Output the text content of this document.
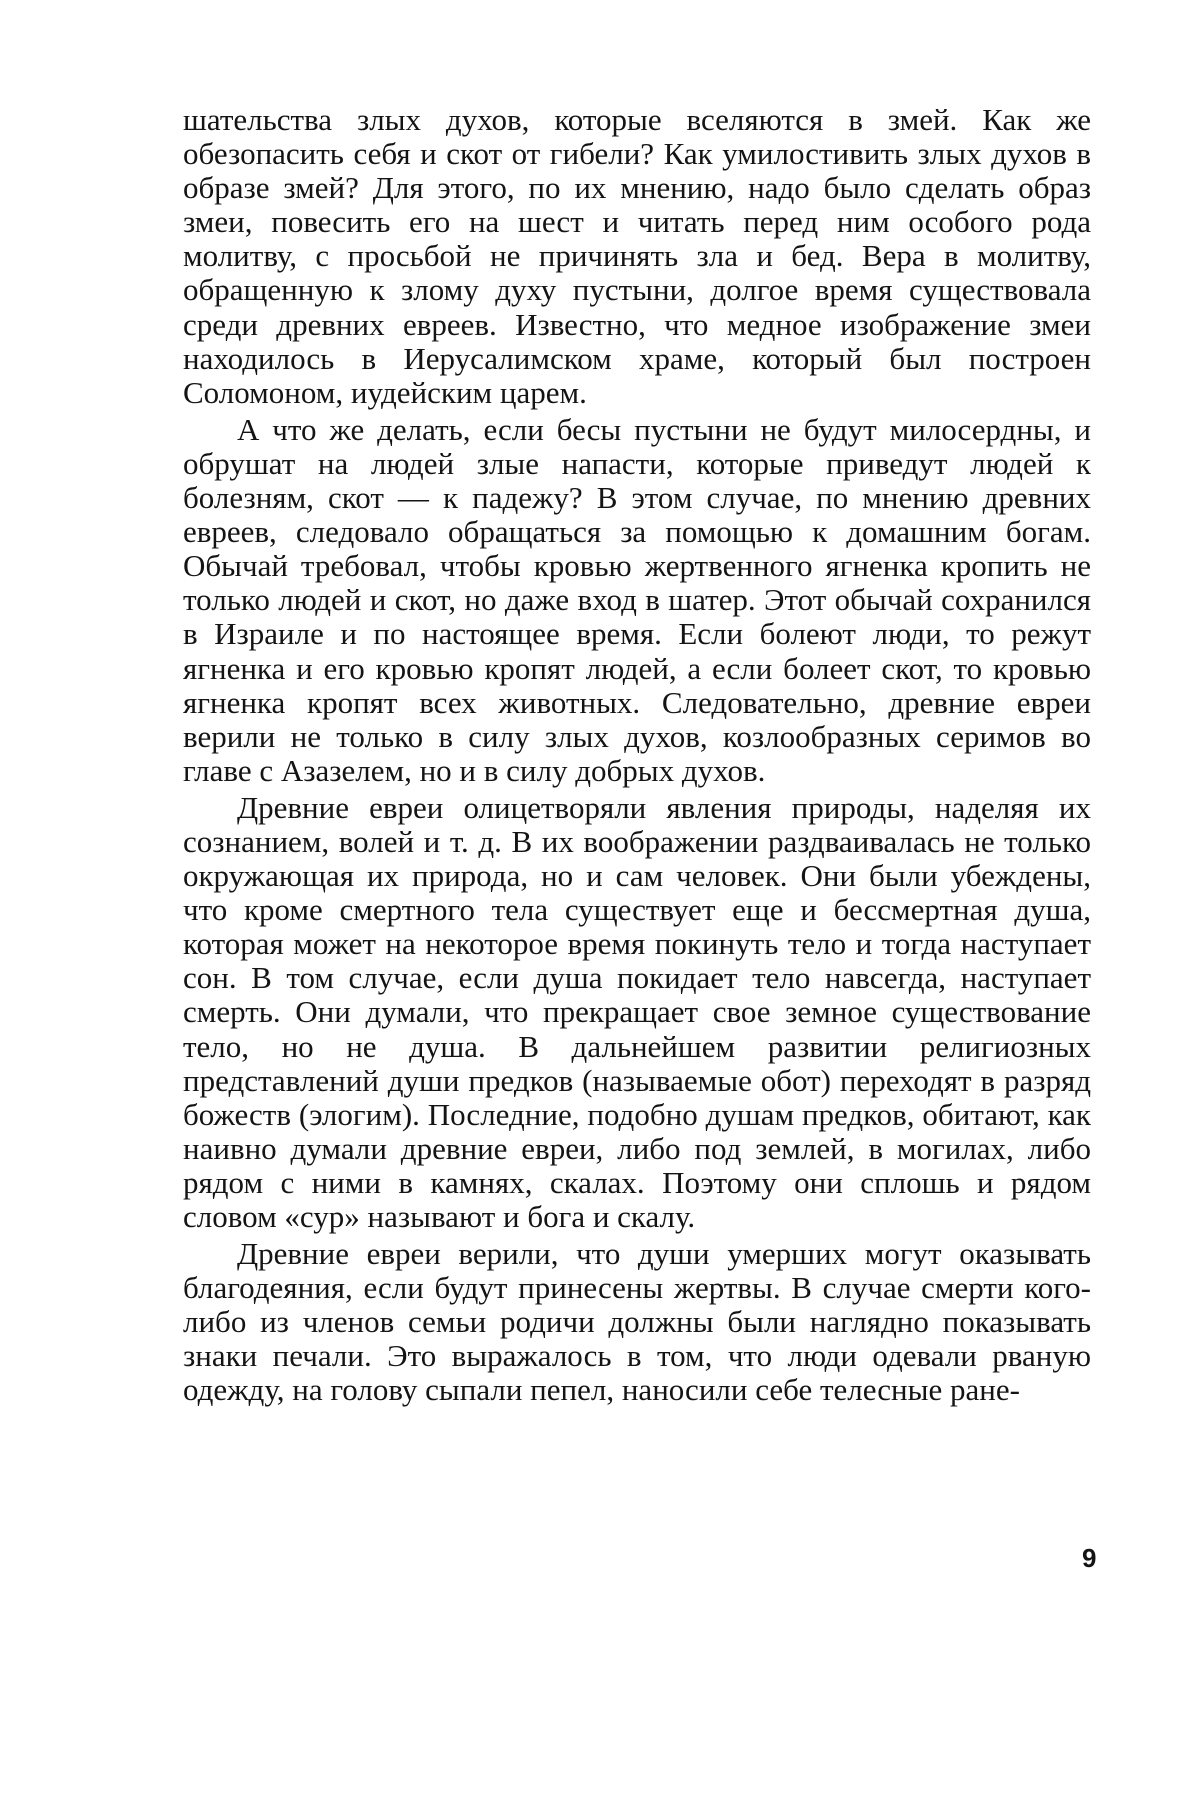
шательства злых духов, которые вселяются в змей. Как же обезопасить себя и скот от гибели? Как умилостивить злых духов в образе змей? Для этого, по их мнению, надо было сделать образ змеи, повесить его на шест и читать перед ним особого рода молитву, с просьбой не причинять зла и бед. Вера в молитву, обращенную к злому духу пустыни, долгое время существовала среди древних евреев. Известно, что медное изображение змеи находилось в Иерусалимском храме, который был построен Соломоном, иудейским царем.

А что же делать, если бесы пустыни не будут милосердны, и обрушат на людей злые напасти, которые приведут людей к болезням, скот — к падежу? В этом случае, по мнению древних евреев, следовало обращаться за помощью к домашним богам. Обычай требовал, чтобы кровью жертвенного ягненка кропить не только людей и скот, но даже вход в шатер. Этот обычай сохранился в Израиле и по настоящее время. Если болеют люди, то режут ягненка и его кровью кропят людей, а если болеет скот, то кровью ягненка кропят всех животных. Следовательно, древние евреи верили не только в силу злых духов, козлообразных серимов во главе с Азазелем, но и в силу добрых духов.

Древние евреи олицетворяли явления природы, наделяя их сознанием, волей и т. д. В их воображении раздваивалась не только окружающая их природа, но и сам человек. Они были убеждены, что кроме смертного тела существует еще и бессмертная душа, которая может на некоторое время покинуть тело и тогда наступает сон. В том случае, если душа покидает тело навсегда, наступает смерть. Они думали, что прекращает свое земное существование тело, но не душа. В дальнейшем развитии религиозных представлений души предков (называемые обот) переходят в разряд божеств (элогим). Последние, подобно душам предков, обитают, как наивно думали древние евреи, либо под землей, в могилах, либо рядом с ними в камнях, скалах. Поэтому они сплошь и рядом словом «сур» называют и бога и скалу.

Древние евреи верили, что души умерших могут оказывать благодеяния, если будут принесены жертвы. В случае смерти кого-либо из членов семьи родичи должны были наглядно показывать знаки печали. Это выражалось в том, что люди одевали рваную одежду, на голову сыпали пепел, наносили себе телесные ране-

9
